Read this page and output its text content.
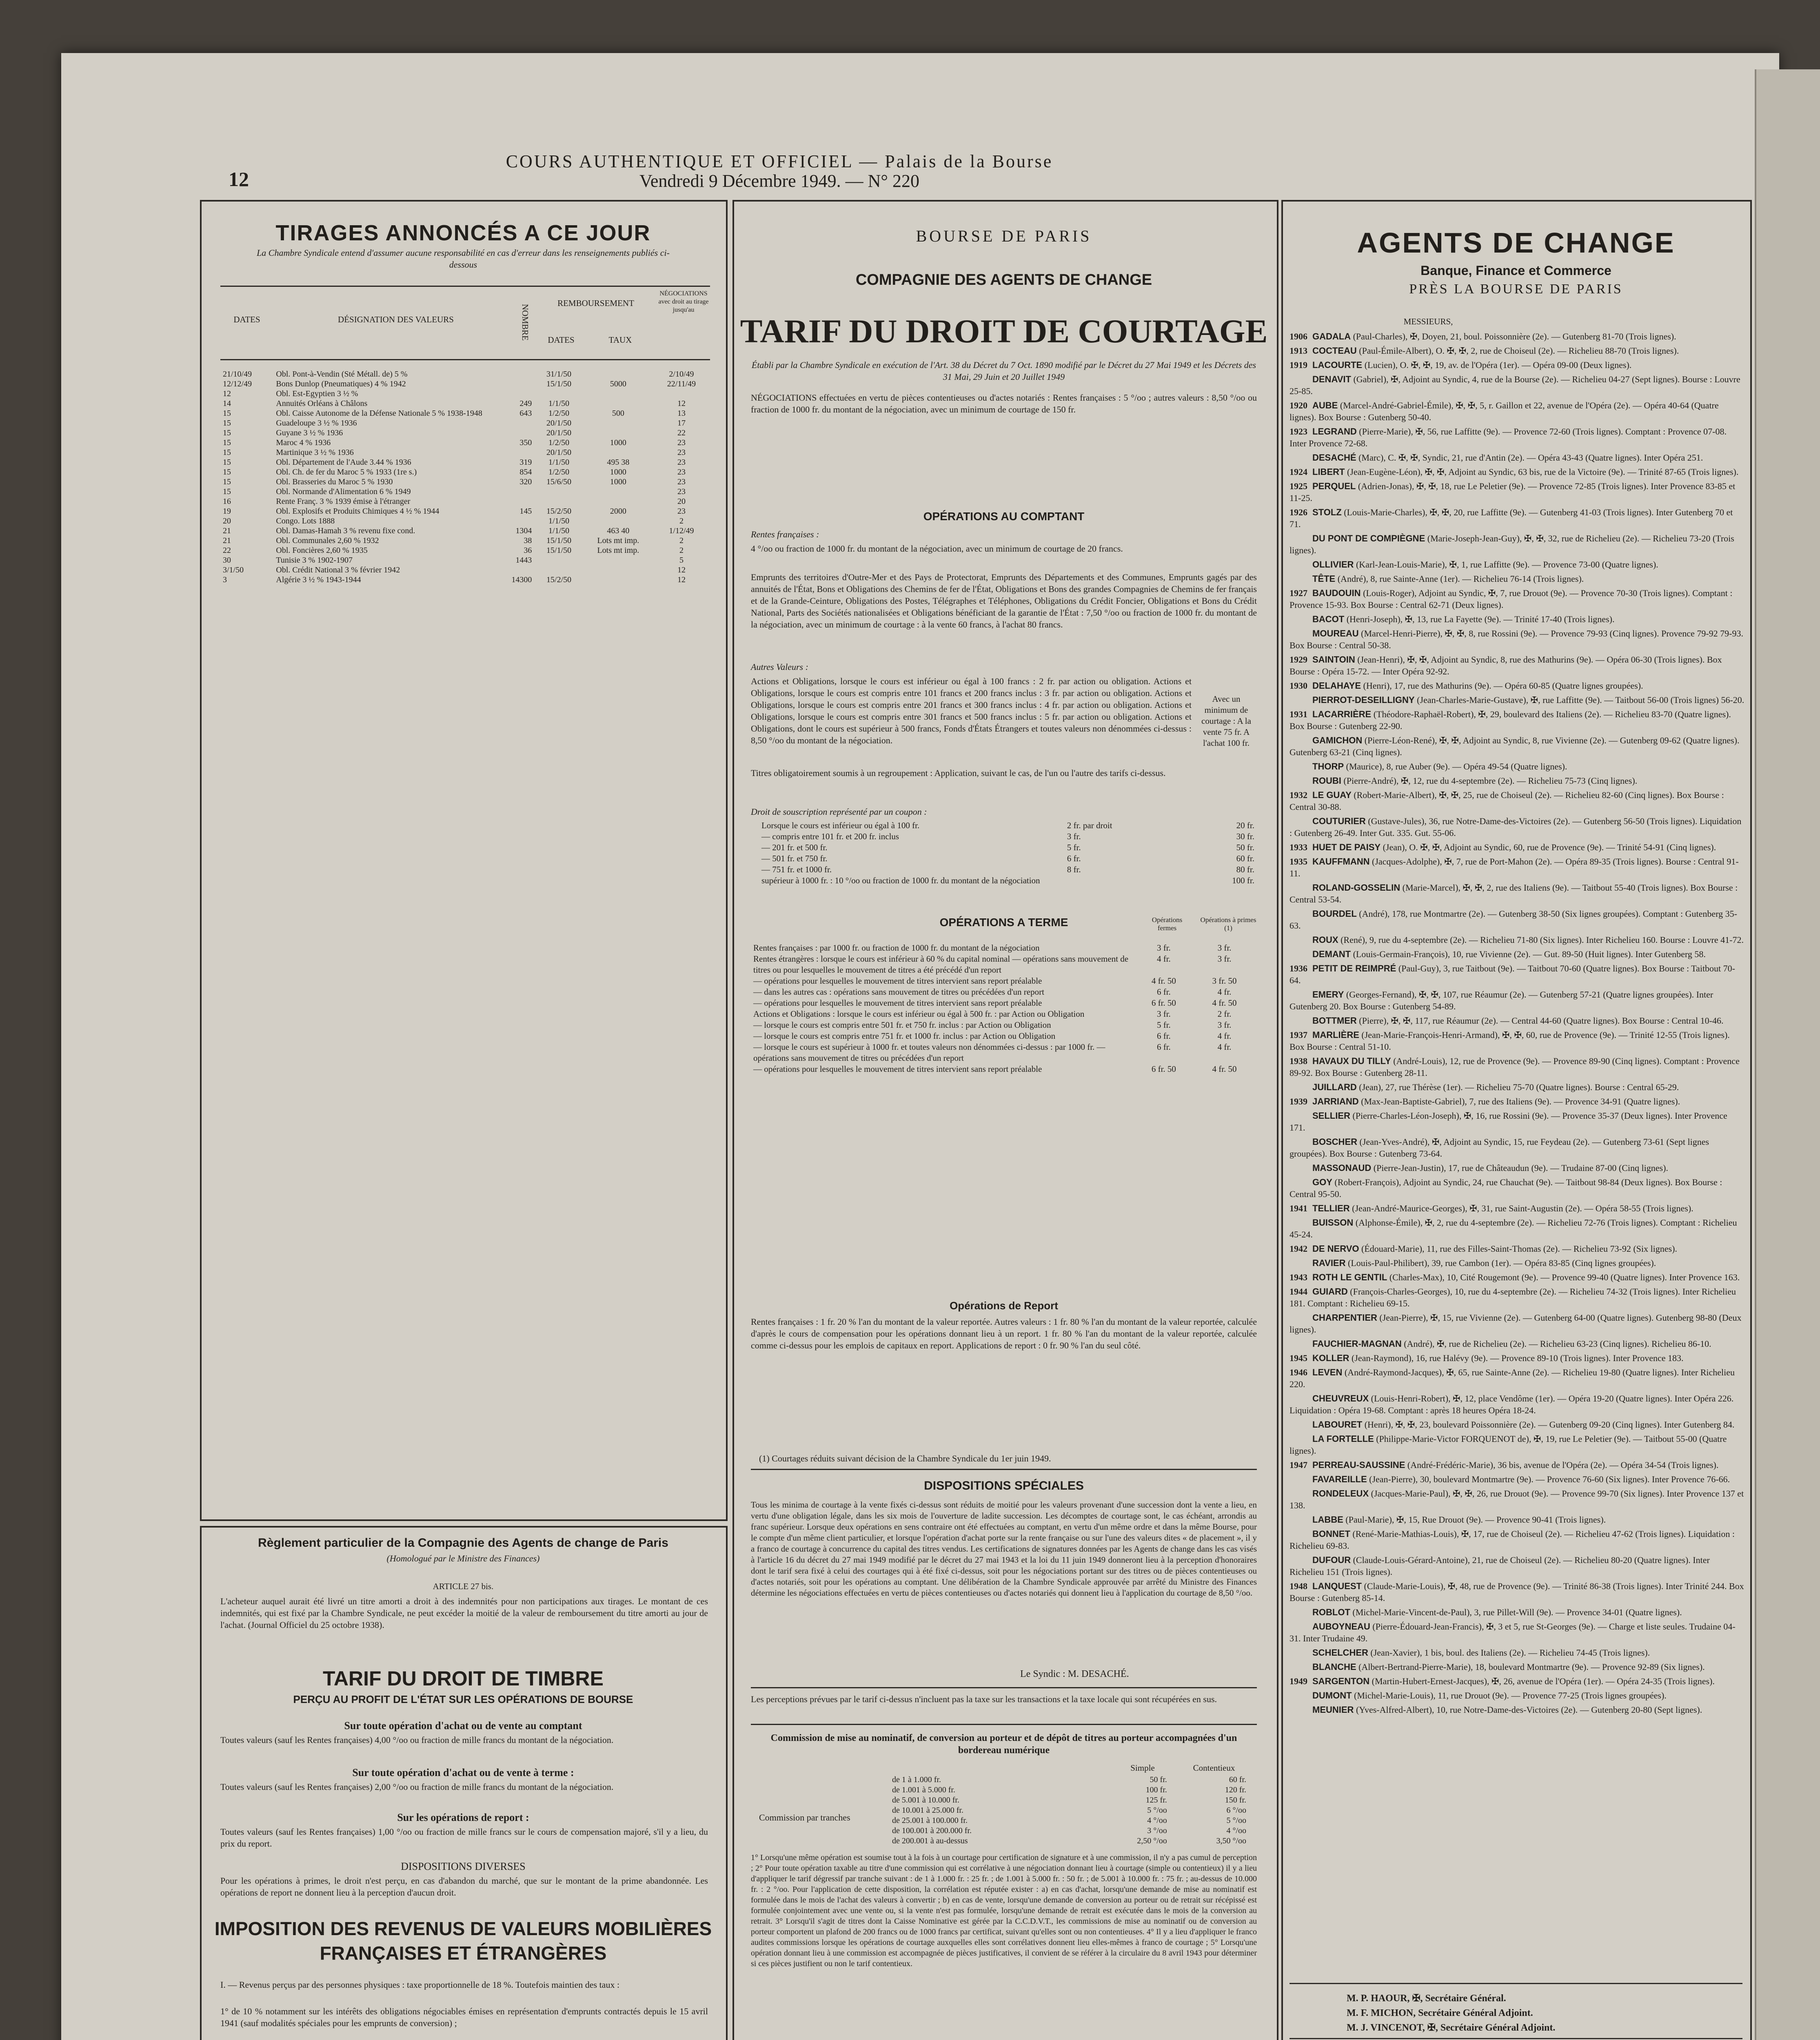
12
COURS AUTHENTIQUE ET OFFICIEL — Palais de la Bourse
Vendredi 9 Décembre 1949. — N° 220
TIRAGES ANNONCÉS A CE JOUR
La Chambre Syndicale entend d'assumer aucune responsabilité en cas d'erreur dans les renseignements publiés ci-dessous
DATES	DÉSIGNATION DES VALEURS	NOMBRE
REMBOURSEMENT
DATES	TAUX
NÉGOCIATIONS avec droit au tirage jusqu'au
21/10/49	Obl. Pont-à-Vendin (Sté Métall. de) 5 %		31/1/50		2/10/49
12/12/49	Bons Dunlop (Pneumatiques) 4 % 1942		15/1/50	5000	22/11/49
12	Obl. Est-Egyptien 3 ½ %				
14	Annuités Orléans à Châlons	249	1/1/50		12
15	Obl. Caisse Autonome de la Défense Nationale 5 % 1938-1948	643	1/2/50	500	13
15	Guadeloupe 3 ½ % 1936		20/1/50		17
15	Guyane 3 ½ % 1936		20/1/50		22
15	Maroc 4 % 1936	350	1/2/50	1000	23
15	Martinique 3 ½ % 1936		20/1/50		23
15	Obl. Département de l'Aude 3.44 % 1936	319	1/1/50	495 38	23
15	Obl. Ch. de fer du Maroc 5 % 1933 (1re s.)	854	1/2/50	1000	23
15	Obl. Brasseries du Maroc 5 % 1930	320	15/6/50	1000	23
15	Obl. Normande d'Alimentation 6 % 1949				23
16	Rente Franç. 3 % 1939 émise à l'étranger				20
19	Obl. Explosifs et Produits Chimiques 4 ½ % 1944	145	15/2/50	2000	23
20	Congo. Lots 1888		1/1/50		2
21	Obl. Damas-Hamah 3 % revenu fixe cond.	1304	1/1/50	463 40	1/12/49
21	Obl. Communales 2,60 % 1932	38	15/1/50	Lots mt imp.	2
22	Obl. Foncières 2,60 % 1935	36	15/1/50	Lots mt imp.	2
30	Tunisie 3 % 1902-1907	1443			5
3/1/50	Obl. Crédit National 3 % février 1942				12
3	Algérie 3 ½ % 1943-1944	14300	15/2/50		12
Règlement particulier de la Compagnie des Agents de change de Paris
(Homologué par le Ministre des Finances)
ARTICLE 27 bis.
L'acheteur auquel aurait été livré un titre amorti a droit à des indemnités pour non participations aux tirages. Le montant de ces indemnités, qui est fixé par la Chambre Syndicale, ne peut excéder la moitié de la valeur de remboursement du titre amorti au jour de l'achat. (Journal Officiel du 25 octobre 1938).
TARIF DU DROIT DE TIMBRE
PERÇU AU PROFIT DE L'ÉTAT SUR LES OPÉRATIONS DE BOURSE
Sur toute opération d'achat ou de vente au comptant
Toutes valeurs (sauf les Rentes françaises) 4,00 °/oo ou fraction de mille francs du montant de la négociation.
Sur toute opération d'achat ou de vente à terme :
Toutes valeurs (sauf les Rentes françaises) 2,00 °/oo ou fraction de mille francs du montant de la négociation.
Sur les opérations de report :
Toutes valeurs (sauf les Rentes françaises) 1,00 °/oo ou fraction de mille francs sur le cours de compensation majoré, s'il y a lieu, du prix du report.
DISPOSITIONS DIVERSES
Pour les opérations à primes, le droit n'est perçu, en cas d'abandon du marché, que sur le montant de la prime abandonnée. Les opérations de report ne donnent lieu à la perception d'aucun droit.
IMPOSITION DES REVENUS DE VALEURS MOBILIÈRES
FRANÇAISES ET ÉTRANGÈRES
I. — Revenus perçus par des personnes physiques : taxe proportionnelle de 18 %. Toutefois maintien des taux :
1° de 10 % notamment sur les intérêts des obligations négociables émises en représentation d'emprunts contractés depuis le 15 avril 1941 (sauf modalités spéciales pour les emprunts de conversion) ;
BOURSE DE PARIS
COMPAGNIE DES AGENTS DE CHANGE
TARIF DU DROIT DE COURTAGE
Établi par la Chambre Syndicale en exécution de l'Art. 38 du Décret du 7 Oct. 1890 modifié par le Décret du 27 Mai 1949 et les Décrets des 31 Mai, 29 Juin et 20 Juillet 1949
NÉGOCIATIONS effectuées en vertu de pièces contentieuses ou d'actes notariés : Rentes françaises : 5 °/oo ; autres valeurs : 8,50 °/oo ou fraction de 1000 fr. du montant de la négociation, avec un minimum de courtage de 150 fr.
OPÉRATIONS AU COMPTANT
Rentes françaises :
4 °/oo ou fraction de 1000 fr. du montant de la négociation, avec un minimum de courtage de 20 francs.
Emprunts des territoires d'Outre-Mer et des Pays de Protectorat, Emprunts des Départements et des Communes, Emprunts gagés par des annuités de l'État, Bons et Obligations des Chemins de fer de l'État, Obligations et Bons des grandes Compagnies de Chemins de fer français et de la Grande-Ceinture, Obligations des Postes, Télégraphes et Téléphones, Obligations du Crédit Foncier, Obligations et Bons du Crédit National, Parts des Sociétés nationalisées et Obligations bénéficiant de la garantie de l'État : 7,50 °/oo ou fraction de 1000 fr. du montant de la négociation, avec un minimum de courtage : à la vente 60 francs, à l'achat 80 francs.
Autres Valeurs :
Actions et Obligations, lorsque le cours est inférieur ou égal à 100 francs : 2 fr. par action ou obligation. Actions et Obligations, lorsque le cours est compris entre 101 francs et 200 francs inclus : 3 fr. par action ou obligation. Actions et Obligations, lorsque le cours est compris entre 201 francs et 300 francs inclus : 4 fr. par action ou obligation. Actions et Obligations, lorsque le cours est compris entre 301 francs et 500 francs inclus : 5 fr. par action ou obligation. Actions et Obligations, dont le cours est supérieur à 500 francs, Fonds d'États Étrangers et toutes valeurs non dénommées ci-dessus : 8,50 °/oo du montant de la négociation.
Avec un minimum de courtage : A la vente 75 fr. A l'achat 100 fr.
Titres obligatoirement soumis à un regroupement : Application, suivant le cas, de l'un ou l'autre des tarifs ci-dessus.
Droit de souscription représenté par un coupon :
Lorsque le cours est inférieur ou égal à 100 fr.	2 fr. par droit	20 fr.
— compris entre 101 fr. et 200 fr. inclus	3 fr.	30 fr.
— 201 fr. et 500 fr.	5 fr.	50 fr.
— 501 fr. et 750 fr.	6 fr.	60 fr.
— 751 fr. et 1000 fr.	8 fr.	80 fr.
supérieur à 1000 fr. : 10 °/oo ou fraction de 1000 fr. du montant de la négociation		100 fr.
OPÉRATIONS A TERME	Opérations fermes
Opérations à primes (1)
Rentes françaises : par 1000 fr. ou fraction de 1000 fr. du montant de la négociation	3 fr.	3 fr.
Rentes étrangères : lorsque le cours est inférieur à 60 % du capital nominal — opérations sans mouvement de titres ou pour lesquelles le mouvement de titres a été précédé d'un report	4 fr.	3 fr.
— opérations pour lesquelles le mouvement de titres intervient sans report préalable	4 fr. 50	3 fr. 50
— dans les autres cas : opérations sans mouvement de titres ou précédées d'un report	6 fr.	4 fr.
— opérations pour lesquelles le mouvement de titres intervient sans report préalable	6 fr. 50	4 fr. 50
Actions et Obligations : lorsque le cours est inférieur ou égal à 500 fr. : par Action ou Obligation	3 fr.	2 fr.
— lorsque le cours est compris entre 501 fr. et 750 fr. inclus : par Action ou Obligation	5 fr.	3 fr.
— lorsque le cours est compris entre 751 fr. et 1000 fr. inclus : par Action ou Obligation	6 fr.	4 fr.
— lorsque le cours est supérieur à 1000 fr. et toutes valeurs non dénommées ci-dessus : par 1000 fr. — opérations sans mouvement de titres ou précédées d'un report	6 fr.	4 fr.
— opérations pour lesquelles le mouvement de titres intervient sans report préalable	6 fr. 50	4 fr. 50
Opérations de Report
Rentes françaises : 1 fr. 20 % l'an du montant de la valeur reportée. Autres valeurs : 1 fr. 80 % l'an du montant de la valeur reportée, calculée d'après le cours de compensation pour les opérations donnant lieu à un report. 1 fr. 80 % l'an du montant de la valeur reportée, calculée comme ci-dessus pour les emplois de capitaux en report. Applications de report : 0 fr. 90 % l'an du seul côté.
(1) Courtages réduits suivant décision de la Chambre Syndicale du 1er juin 1949.
DISPOSITIONS SPÉCIALES
Tous les minima de courtage à la vente fixés ci-dessus sont réduits de moitié pour les valeurs provenant d'une succession dont la vente a lieu, en vertu d'une obligation légale, dans les six mois de l'ouverture de ladite succession. Les décomptes de courtage sont, le cas échéant, arrondis au franc supérieur. Lorsque deux opérations en sens contraire ont été effectuées au comptant, en vertu d'un même ordre et dans la même Bourse, pour le compte d'un même client particulier, et lorsque l'opération d'achat porte sur la rente française ou sur l'une des valeurs dites « de placement », il y a franco de courtage à concurrence du capital des titres vendus. Les certifications de signatures données par les Agents de change dans les cas visés à l'article 16 du décret du 27 mai 1949 modifié par le décret du 27 mai 1943 et la loi du 11 juin 1949 donneront lieu à la perception d'honoraires dont le tarif sera fixé à celui des courtages qui à été fixé ci-dessus, soit pour les négociations portant sur des titres ou de pièces contentieuses ou d'actes notariés, soit pour les opérations au comptant. Une délibération de la Chambre Syndicale approuvée par arrêté du Ministre des Finances détermine les négociations effectuées en vertu de pièces contentieuses ou d'actes notariés qui donnent lieu à l'application du courtage de 8,50 °/oo.
Le Syndic : M. DESACHÉ.
Les perceptions prévues par le tarif ci-dessus n'incluent pas la taxe sur les transactions et la taxe locale qui sont récupérées en sus.
Commission de mise au nominatif, de conversion au porteur et de dépôt de titres au porteur accompagnées d'un bordereau numérique
Simple	Contentieux
Commission par tranches
de 1 à 1.000 fr.	50 fr.	60 fr.
de 1.001 à 5.000 fr.	100 fr.	120 fr.
de 5.001 à 10.000 fr.	125 fr.	150 fr.
de 10.001 à 25.000 fr.	5 °/oo	6 °/oo
de 25.001 à 100.000 fr.	4 °/oo	5 °/oo
de 100.001 à 200.000 fr.	3 °/oo	4 °/oo
de 200.001 à au-dessus	2,50 °/oo	3,50 °/oo
1° Lorsqu'une même opération est soumise tout à la fois à un courtage pour certification de signature et à une commission, il n'y a pas cumul de perception ; 2° Pour toute opération taxable au titre d'une commission qui est corrélative à une négociation donnant lieu à courtage (simple ou contentieux) il y a lieu d'appliquer le tarif dégressif par tranche suivant : de 1 à 1.000 fr. : 25 fr. ; de 1.001 à 5.000 fr. : 50 fr. ; de 5.001 à 10.000 fr. : 75 fr. ; au-dessus de 10.000 fr. : 2 °/oo. Pour l'application de cette disposition, la corrélation est réputée exister : a) en cas d'achat, lorsqu'une demande de mise au nominatif est formulée dans le mois de l'achat des valeurs à convertir ; b) en cas de vente, lorsqu'une demande de conversion au porteur ou de retrait sur récépissé est formulée conjointement avec une vente ou, si la vente n'est pas formulée, lorsqu'une demande de retrait est exécutée dans le mois de la conversion au retrait. 3° Lorsqu'il s'agit de titres dont la Caisse Nominative est gérée par la C.C.D.V.T., les commissions de mise au nominatif ou de conversion au porteur comportent un plafond de 200 francs ou de 1000 francs par certificat, suivant qu'elles sont ou non contentieuses. 4° Il y a lieu d'appliquer le franco audites commissions lorsque les opérations de courtage auxquelles elles sont corrélatives donnent lieu elles-mêmes à franco de courtage ; 5° Lorsqu'une opération donnant lieu à une commission est accompagnée de pièces justificatives, il convient de se référer à la circulaire du 8 avril 1943 pour déterminer si ces pièces justifient ou non le tarif contentieux.
AGENTS DE CHANGE
Banque, Finance et Commerce
PRÈS LA BOURSE DE PARIS
MESSIEURS,
1906 GADALA (Paul-Charles), ✠, Doyen, 21, boul. Poissonnière (2e). — Gutenberg 81-70 (Trois lignes).
1913 COCTEAU (Paul-Émile-Albert), O. ✠, ✠, 2, rue de Choiseul (2e). — Richelieu 88-70 (Trois lignes).
1919 LACOURTE (Lucien), O. ✠, ✠, 19, av. de l'Opéra (1er). — Opéra 09-00 (Deux lignes).
DENAVIT (Gabriel), ✠, Adjoint au Syndic, 4, rue de la Bourse (2e). — Richelieu 04-27 (Sept lignes). Bourse : Louvre 25-85.
1920 AUBE (Marcel-André-Gabriel-Émile), ✠, ✠, 5, r. Gaillon et 22, avenue de l'Opéra (2e). — Opéra 40-64 (Quatre lignes). Box Bourse : Gutenberg 50-40.
1923 LEGRAND (Pierre-Marie), ✠, 56, rue Laffitte (9e). — Provence 72-60 (Trois lignes). Comptant : Provence 07-08. Inter Provence 72-68.
DESACHÉ (Marc), C. ✠, ✠, Syndic, 21, rue d'Antin (2e). — Opéra 43-43 (Quatre lignes). Inter Opéra 251.
1924 LIBERT (Jean-Eugène-Léon), ✠, ✠, Adjoint au Syndic, 63 bis, rue de la Victoire (9e). — Trinité 87-65 (Trois lignes).
1925 PERQUEL (Adrien-Jonas), ✠, ✠, 18, rue Le Peletier (9e). — Provence 72-85 (Trois lignes). Inter Provence 83-85 et 11-25.
1926 STOLZ (Louis-Marie-Charles), ✠, ✠, 20, rue Laffitte (9e). — Gutenberg 41-03 (Trois lignes). Inter Gutenberg 70 et 71.
DU PONT DE COMPIÈGNE (Marie-Joseph-Jean-Guy), ✠, ✠, 32, rue de Richelieu (2e). — Richelieu 73-20 (Trois lignes).
OLLIVIER (Karl-Jean-Louis-Marie), ✠, 1, rue Laffitte (9e). — Provence 73-00 (Quatre lignes).
TÊTE (André), 8, rue Sainte-Anne (1er). — Richelieu 76-14 (Trois lignes).
1927 BAUDOUIN (Louis-Roger), Adjoint au Syndic, ✠, 7, rue Drouot (9e). — Provence 70-30 (Trois lignes). Comptant : Provence 15-93. Box Bourse : Central 62-71 (Deux lignes).
BACOT (Henri-Joseph), ✠, 13, rue La Fayette (9e). — Trinité 17-40 (Trois lignes).
MOUREAU (Marcel-Henri-Pierre), ✠, ✠, 8, rue Rossini (9e). — Provence 79-93 (Cinq lignes). Provence 79-92 79-93. Box Bourse : Central 50-38.
1929 SAINTOIN (Jean-Henri), ✠, ✠, Adjoint au Syndic, 8, rue des Mathurins (9e). — Opéra 06-30 (Trois lignes). Box Bourse : Opéra 15-72. — Inter Opéra 92-92.
1930 DELAHAYE (Henri), 17, rue des Mathurins (9e). — Opéra 60-85 (Quatre lignes groupées).
PIERROT-DESEILLIGNY (Jean-Charles-Marie-Gustave), ✠, rue Laffitte (9e). — Taitbout 56-00 (Trois lignes) 56-20.
1931 LACARRIÈRE (Théodore-Raphaël-Robert), ✠, 29, boulevard des Italiens (2e). — Richelieu 83-70 (Quatre lignes). Box Bourse : Gutenberg 22-90.
GAMICHON (Pierre-Léon-René), ✠, ✠, Adjoint au Syndic, 8, rue Vivienne (2e). — Gutenberg 09-62 (Quatre lignes). Gutenberg 63-21 (Cinq lignes).
THORP (Maurice), 8, rue Auber (9e). — Opéra 49-54 (Quatre lignes).
ROUBI (Pierre-André), ✠, 12, rue du 4-septembre (2e). — Richelieu 75-73 (Cinq lignes).
1932 LE GUAY (Robert-Marie-Albert), ✠, ✠, 25, rue de Choiseul (2e). — Richelieu 82-60 (Cinq lignes). Box Bourse : Central 30-88.
COUTURIER (Gustave-Jules), 36, rue Notre-Dame-des-Victoires (2e). — Gutenberg 56-50 (Trois lignes). Liquidation : Gutenberg 26-49. Inter Gut. 335. Gut. 55-06.
1933 HUET DE PAISY (Jean), O. ✠, ✠, Adjoint au Syndic, 60, rue de Provence (9e). — Trinité 54-91 (Cinq lignes).
1935 KAUFFMANN (Jacques-Adolphe), ✠, 7, rue de Port-Mahon (2e). — Opéra 89-35 (Trois lignes). Bourse : Central 91-11.
ROLAND-GOSSELIN (Marie-Marcel), ✠, ✠, 2, rue des Italiens (9e). — Taitbout 55-40 (Trois lignes). Box Bourse : Central 53-54.
BOURDEL (André), 178, rue Montmartre (2e). — Gutenberg 38-50 (Six lignes groupées). Comptant : Gutenberg 35-63.
ROUX (René), 9, rue du 4-septembre (2e). — Richelieu 71-80 (Six lignes). Inter Richelieu 160. Bourse : Louvre 41-72.
DEMANT (Louis-Germain-François), 10, rue Vivienne (2e). — Gut. 89-50 (Huit lignes). Inter Gutenberg 58.
1936 PETIT DE REIMPRÉ (Paul-Guy), 3, rue Taitbout (9e). — Taitbout 70-60 (Quatre lignes). Box Bourse : Taitbout 70-64.
EMERY (Georges-Fernand), ✠, ✠, 107, rue Réaumur (2e). — Gutenberg 57-21 (Quatre lignes groupées). Inter Gutenberg 20. Box Bourse : Gutenberg 54-89.
BOTTMER (Pierre), ✠, ✠, 117, rue Réaumur (2e). — Central 44-60 (Quatre lignes). Box Bourse : Central 10-46.
1937 MARLIÈRE (Jean-Marie-François-Henri-Armand), ✠, ✠, 60, rue de Provence (9e). — Trinité 12-55 (Trois lignes). Box Bourse : Central 51-10.
1938 HAVAUX DU TILLY (André-Louis), 12, rue de Provence (9e). — Provence 89-90 (Cinq lignes). Comptant : Provence 89-92. Box Bourse : Gutenberg 28-11.
JUILLARD (Jean), 27, rue Thérèse (1er). — Richelieu 75-70 (Quatre lignes). Bourse : Central 65-29.
1939 JARRIAND (Max-Jean-Baptiste-Gabriel), 7, rue des Italiens (9e). — Provence 34-91 (Quatre lignes).
SELLIER (Pierre-Charles-Léon-Joseph), ✠, 16, rue Rossini (9e). — Provence 35-37 (Deux lignes). Inter Provence 171.
BOSCHER (Jean-Yves-André), ✠, Adjoint au Syndic, 15, rue Feydeau (2e). — Gutenberg 73-61 (Sept lignes groupées). Box Bourse : Gutenberg 73-64.
MASSONAUD (Pierre-Jean-Justin), 17, rue de Châteaudun (9e). — Trudaine 87-00 (Cinq lignes).
GOY (Robert-François), Adjoint au Syndic, 24, rue Chauchat (9e). — Taitbout 98-84 (Deux lignes). Box Bourse : Central 95-50.
1941 TELLIER (Jean-André-Maurice-Georges), ✠, 31, rue Saint-Augustin (2e). — Opéra 58-55 (Trois lignes).
BUISSON (Alphonse-Émile), ✠, 2, rue du 4-septembre (2e). — Richelieu 72-76 (Trois lignes). Comptant : Richelieu 45-24.
1942 DE NERVO (Édouard-Marie), 11, rue des Filles-Saint-Thomas (2e). — Richelieu 73-92 (Six lignes).
RAVIER (Louis-Paul-Philibert), 39, rue Cambon (1er). — Opéra 83-85 (Cinq lignes groupées).
1943 ROTH LE GENTIL (Charles-Max), 10, Cité Rougemont (9e). — Provence 99-40 (Quatre lignes). Inter Provence 163.
1944 GUIARD (François-Charles-Georges), 10, rue du 4-septembre (2e). — Richelieu 74-32 (Trois lignes). Inter Richelieu 181. Comptant : Richelieu 69-15.
CHARPENTIER (Jean-Pierre), ✠, 15, rue Vivienne (2e). — Gutenberg 64-00 (Quatre lignes). Gutenberg 98-80 (Deux lignes).
FAUCHIER-MAGNAN (André), ✠, rue de Richelieu (2e). — Richelieu 63-23 (Cinq lignes). Richelieu 86-10.
1945 KOLLER (Jean-Raymond), 16, rue Halévy (9e). — Provence 89-10 (Trois lignes). Inter Provence 183.
1946 LEVEN (André-Raymond-Jacques), ✠, 65, rue Sainte-Anne (2e). — Richelieu 19-80 (Quatre lignes). Inter Richelieu 220.
CHEUVREUX (Louis-Henri-Robert), ✠, 12, place Vendôme (1er). — Opéra 19-20 (Quatre lignes). Inter Opéra 226. Liquidation : Opéra 19-68. Comptant : après 18 heures Opéra 18-24.
LABOURET (Henri), ✠, ✠, 23, boulevard Poissonnière (2e). — Gutenberg 09-20 (Cinq lignes). Inter Gutenberg 84.
LA FORTELLE (Philippe-Marie-Victor FORQUENOT de), ✠, 19, rue Le Peletier (9e). — Taitbout 55-00 (Quatre lignes).
1947 PERREAU-SAUSSINE (André-Frédéric-Marie), 36 bis, avenue de l'Opéra (2e). — Opéra 34-54 (Trois lignes).
FAVAREILLE (Jean-Pierre), 30, boulevard Montmartre (9e). — Provence 76-60 (Six lignes). Inter Provence 76-66.
RONDELEUX (Jacques-Marie-Paul), ✠, ✠, 26, rue Drouot (9e). — Provence 99-70 (Six lignes). Inter Provence 137 et 138.
LABBE (Paul-Marie), ✠, 15, Rue Drouot (9e). — Provence 90-41 (Trois lignes).
BONNET (René-Marie-Mathias-Louis), ✠, 17, rue de Choiseul (2e). — Richelieu 47-62 (Trois lignes). Liquidation : Richelieu 69-83.
DUFOUR (Claude-Louis-Gérard-Antoine), 21, rue de Choiseul (2e). — Richelieu 80-20 (Quatre lignes). Inter Richelieu 151 (Trois lignes).
1948 LANQUEST (Claude-Marie-Louis), ✠, 48, rue de Provence (9e). — Trinité 86-38 (Trois lignes). Inter Trinité 244. Box Bourse : Gutenberg 85-14.
ROBLOT (Michel-Marie-Vincent-de-Paul), 3, rue Pillet-Will (9e). — Provence 34-01 (Quatre lignes).
AUBOYNEAU (Pierre-Édouard-Jean-Francis), ✠, 3 et 5, rue St-Georges (9e). — Charge et liste seules. Trudaine 04-31. Inter Trudaine 49.
SCHELCHER (Jean-Xavier), 1 bis, boul. des Italiens (2e). — Richelieu 74-45 (Trois lignes).
BLANCHE (Albert-Bertrand-Pierre-Marie), 18, boulevard Montmartre (9e). — Provence 92-89 (Six lignes).
1949 SARGENTON (Martin-Hubert-Ernest-Jacques), ✠, 26, avenue de l'Opéra (1er). — Opéra 24-35 (Trois lignes).
DUMONT (Michel-Marie-Louis), 11, rue Drouot (9e). — Provence 77-25 (Trois lignes groupées).
MEUNIER (Yves-Alfred-Albert), 10, rue Notre-Dame-des-Victoires (2e). — Gutenberg 20-80 (Sept lignes).
M. P. HAOUR, ✠, Secrétaire Général.
M. F. MICHON, Secrétaire Général Adjoint.
M. J. VINCENOT, ✠, Secrétaire Général Adjoint.
